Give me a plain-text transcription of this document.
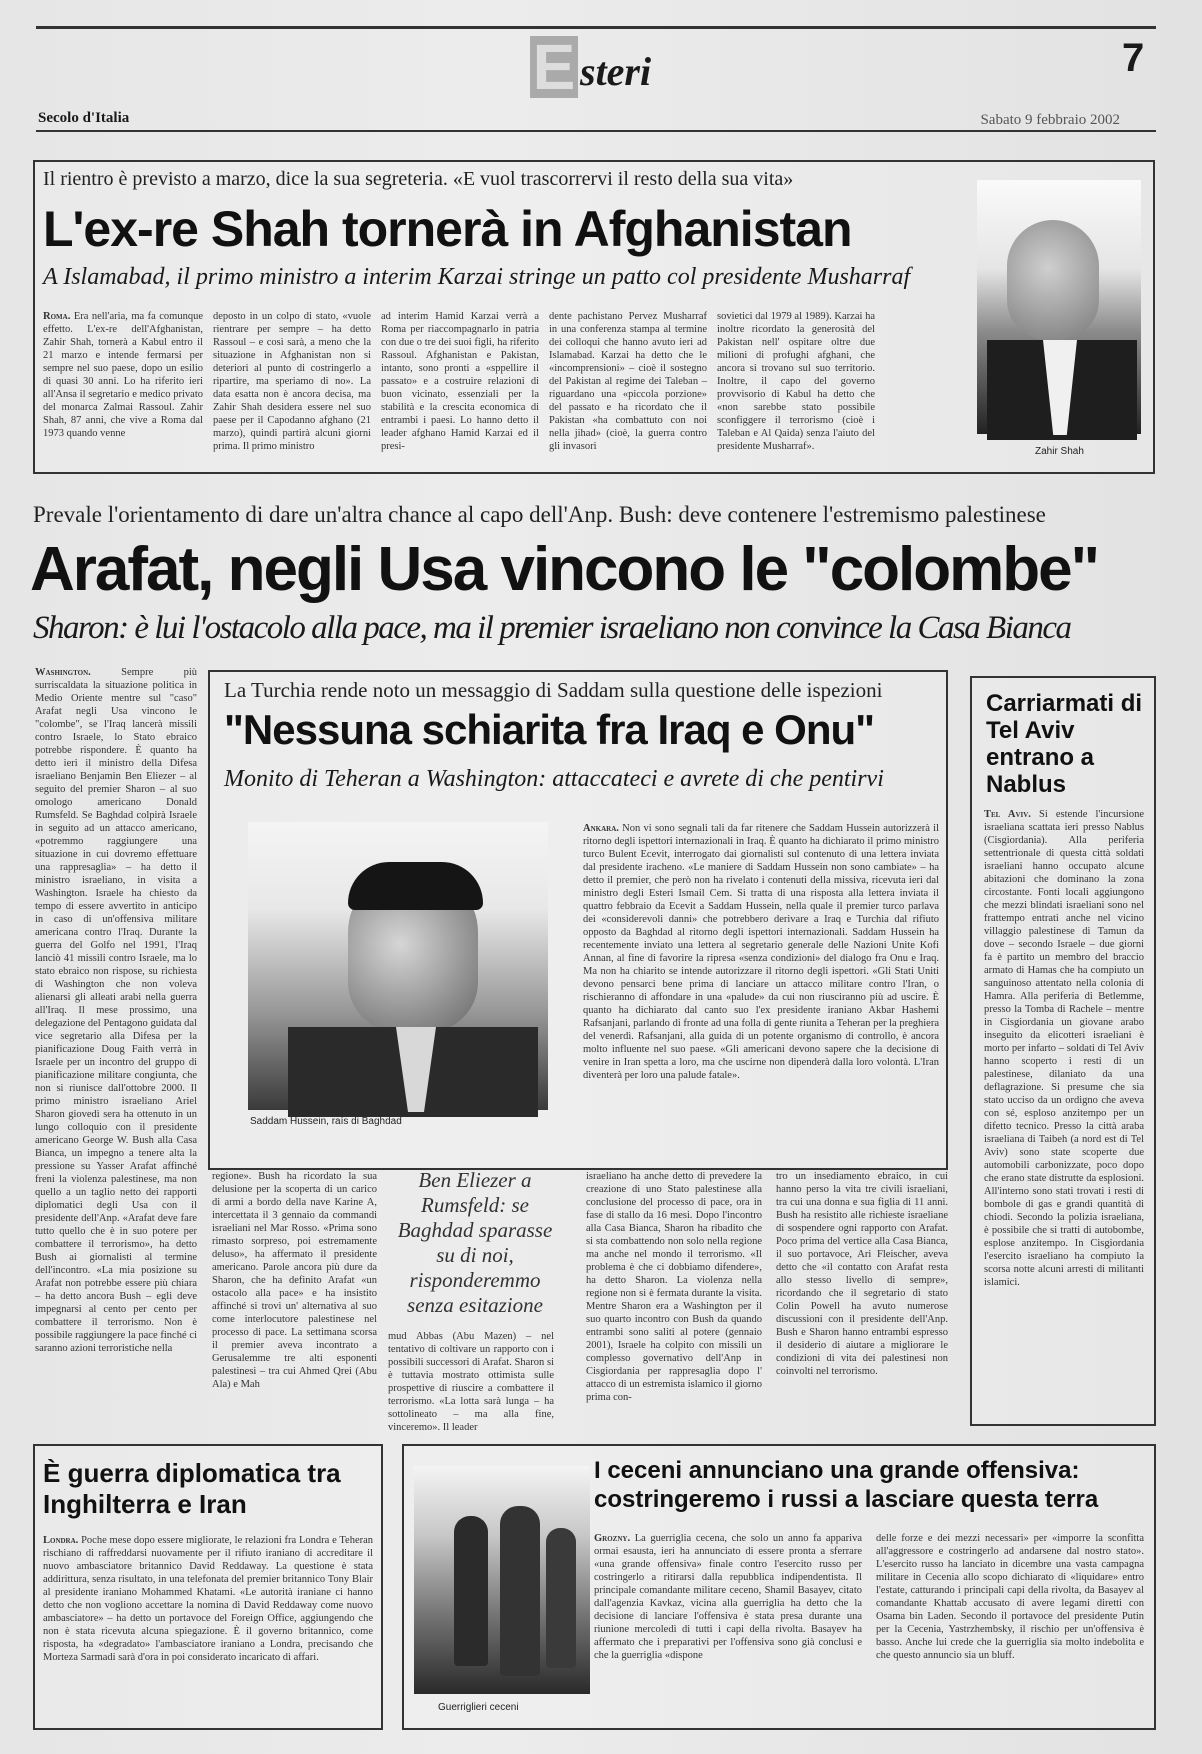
E steri	7
Secolo d'Italia	Sabato 9 febbraio 2002
Il rientro è previsto a marzo, dice la sua segreteria. «E vuol trascorrervi il resto della sua vita»
L'ex-re Shah tornerà in Afghanistan
A Islamabad, il primo ministro a interim Karzai stringe un patto col presidente Musharraf
Roma. Era nell'aria, ma fa comunque effetto. L'ex-re dell'Afghanistan, Zahir Shah, tornerà a Kabul entro il 21 marzo e intende fermarsi per sempre nel suo paese, dopo un esilio di quasi 30 anni. Lo ha riferito ieri all'Ansa il segretario e medico privato del monarca Zalmai Rassoul. Zahir Shah, 87 anni, che vive a Roma dal 1973 quando venne
deposto in un colpo di stato, «vuole rientrare per sempre – ha detto Rassoul – e così sarà, a meno che la situazione in Afghanistan non si deteriori al punto di costringerlo a ripartire, ma speriamo di no». La data esatta non è ancora decisa, ma Zahir Shah desidera essere nel suo paese per il Capodanno afghano (21 marzo), quindi partirà alcuni giorni prima. Il primo ministro
ad interim Hamid Karzai verrà a Roma per riaccompagnarlo in patria con due o tre dei suoi figli, ha riferito Rassoul. Afghanistan e Pakistan, intanto, sono pronti a «sppellire il passato» e a costruire relazioni di buon vicinato, essenziali per la stabilità e la crescita economica di entrambi i paesi. Lo hanno detto il leader afghano Hamid Karzai ed il presi-
dente pachistano Pervez Musharraf in una conferenza stampa al termine dei colloqui che hanno avuto ieri ad Islamabad. Karzai ha detto che le «incomprensioni» – cioè il sostegno del Pakistan al regime dei Taleban – riguardano una «piccola porzione» del passato e ha ricordato che il Pakistan «ha combattuto con noi nella jihad» (cioè, la guerra contro gli invasori
sovietici dal 1979 al 1989). Karzai ha inoltre ricordato la generosità del Pakistan nell' ospitare oltre due milioni di profughi afghani, che ancora si trovano sul suo territorio. Inoltre, il capo del governo provvisorio di Kabul ha detto che «non sarebbe stato possibile sconfiggere il terrorismo (cioè i Taleban e Al Qaida) senza l'aiuto del presidente Musharraf».	Zahir Shah
Prevale l'orientamento di dare un'altra chance al capo dell'Anp. Bush: deve contenere l'estremismo palestinese
Arafat, negli Usa vincono le "colombe"
Sharon: è lui l'ostacolo alla pace, ma il premier israeliano non convince la Casa Bianca
Washington.	Sempre più surriscaldata la situazione politica in Medio Oriente mentre sul "caso" Arafat negli Usa vincono le "colombe", se l'Iraq lancerà missili contro Israele, lo Stato ebraico potrebbe rispondere. È quanto ha detto ieri il ministro della Difesa israeliano Benjamin Ben Eliezer – al seguito del premier Sharon – al suo omologo americano Donald Rumsfeld. Se Baghdad colpirà Israele in seguito ad un attacco americano, «potremmo raggiungere una situazione in cui dovremo effettuare una rappresaglia» – ha detto il ministro israeliano, in visita a Washington. Israele ha chiesto da tempo di essere avvertito in anticipo in caso di un'offensiva militare americana contro l'Iraq. Durante la guerra del Golfo nel 1991, l'Iraq lanciò 41 missili contro Israele, ma lo stato ebraico non rispose, su richiesta di Washington che non voleva alienarsi gli alleati arabi nella guerra all'Iraq. Il mese prossimo, una delegazione del Pentagono guidata dal vice segretario alla Difesa per la pianificazione Doug Faith verrà in Israele per un incontro del gruppo di pianificazione militare congiunta, che non si riunisce dall'ottobre 2000. Il primo ministro israeliano Ariel Sharon giovedì sera ha ottenuto in un lungo colloquio con il presidente americano George W. Bush alla Casa Bianca, un impegno a tenere alta la pressione su Yasser Arafat affinché freni la violenza palestinese, ma non quello a un taglio netto dei rapporti diplomatici degli Usa con il presidente dell'Anp. «Arafat deve fare tutto quello che è in suo potere per combattere il terrorismo», ha detto Bush ai giornalisti al termine dell'incontro. «La mia posizione su Arafat non potrebbe essere più chiara – ha detto ancora Bush – egli deve impegnarsi al cento per cento per combattere il terrorismo. Non è possibile raggiungere la pace finché ci saranno azioni terroristiche nella
La Turchia rende noto un messaggio di Saddam sulla questione delle ispezioni
"Nessuna schiarita fra Iraq e Onu"
Monito di Teheran a Washington: attaccateci e avrete di che pentirvi
Saddam Hussein, raìs di Baghdad
Ankara. Non vi sono segnali tali da far ritenere che Saddam Hussein autorizzerà il ritorno degli ispettori internazionali in Iraq. È quanto ha dichiarato il primo ministro turco Bulent Ecevit, interrogato dai giornalisti sul contenuto di una lettera inviata dal presidente iracheno. «Le maniere di Saddam Hussein non sono cambiate» – ha detto il premier, che però non ha rivelato i contenuti della missiva, ricevuta ieri dal ministro degli Esteri Ismail Cem. Si tratta di una risposta alla lettera inviata il quattro febbraio da Ecevit a Saddam Hussein, nella quale il premier turco parlava dei «considerevoli danni» che potrebbero derivare a Iraq e Turchia dal rifiuto opposto da Baghdad al ritorno degli ispettori internazionali. Saddam Hussein ha recentemente inviato una lettera al segretario generale delle Nazioni Unite Kofi Annan, al fine di favorire la ripresa «senza condizioni» del dialogo fra Onu e Iraq. Ma non ha chiarito se intende autorizzare il ritorno degli ispettori. «Gli Stati Uniti devono pensarci bene prima di lanciare un attacco militare contro l'Iran, o rischieranno di affondare in una «palude» da cui non riusciranno più ad uscire. È quanto ha dichiarato dal canto suo l'ex presidente iraniano Akbar Hashemi Rafsanjani, parlando di fronte ad una folla di gente riunita a Teheran per la preghiera del venerdì. Rafsanjani, alla guida di un potente organismo di controllo, è ancora molto influente nel suo paese. «Gli americani devono sapere che la decisione di venire in Iran spetta a loro, ma che uscirne non dipenderà dalla loro volontà. L'Iran diventerà per loro una palude fatale».
regione». Bush ha ricordato la sua delusione per la scoperta di un carico di armi a bordo della nave Karine A, intercettata il 3 gennaio da commandi israeliani nel Mar Rosso. «Prima sono rimasto sorpreso, poi estremamente deluso», ha affermato il presidente americano. Parole ancora più dure da Sharon, che ha definito Arafat «un ostacolo alla pace» e ha insistito affinché si trovi un' alternativa al suo come interlocutore palestinese nel processo di pace. La settimana scorsa il premier aveva incontrato a Gerusalemme tre alti esponenti palestinesi – tra cui Ahmed Qrei (Abu Ala) e Mah
Ben Eliezer a Rumsfeld: se Baghdad sparasse su di noi, risponderemmo senza esitazione
mud Abbas (Abu Mazen) – nel tentativo di coltivare un rapporto con i possibili successori di Arafat. Sharon si è tuttavia mostrato ottimista sulle prospettive di riuscire a combattere il terrorismo. «La lotta sarà lunga – ha sottolineato – ma alla fine, vinceremo». Il leader
israeliano ha anche detto di prevedere la creazione di uno Stato palestinese alla conclusione del processo di pace, ora in fase di stallo da 16 mesi. Dopo l'incontro alla Casa Bianca, Sharon ha ribadito che si sta combattendo non solo nella regione ma anche nel mondo il terrorismo. «Il problema è che ci dobbiamo difendere», ha detto Sharon. La violenza nella regione non si è fermata durante la visita. Mentre Sharon era a Washington per il suo quarto incontro con Bush da quando entrambi sono saliti al potere (gennaio 2001), Israele ha colpito con missili un complesso governativo dell'Anp in Cisgiordania per rappresaglia dopo l' attacco di un estremista islamico il giorno prima con-
tro un insediamento ebraico, in cui hanno perso la vita tre civili israeliani, tra cui una donna e sua figlia di 11 anni. Bush ha resistito alle richieste israeliane di sospendere ogni rapporto con Arafat. Poco prima del vertice alla Casa Bianca, il suo portavoce, Ari Fleischer, aveva detto che «il contatto con Arafat resta allo stesso livello di sempre», ricordando che il segretario di stato Colin Powell ha avuto numerose discussioni con il presidente dell'Anp. Bush e Sharon hanno entrambi espresso il desiderio di aiutare a migliorare le condizioni di vita dei palestinesi non coinvolti nel terrorismo.
Carriarmati di Tel Aviv entrano a Nablus
Tel Aviv. Si estende l'incursione israeliana scattata ieri presso Nablus (Cisgiordania). Alla periferia settentrionale di questa città soldati israeliani hanno occupato alcune abitazioni che dominano la zona circostante. Fonti locali aggiungono che mezzi blindati israeliani sono nel frattempo entrati anche nel vicino villaggio palestinese di Tamun da dove – secondo Israele – due giorni fa è partito un membro del braccio armato di Hamas che ha compiuto un sanguinoso attentato nella colonia di Hamra. Alla periferia di Betlemme, presso la Tomba di Rachele – mentre in Cisgiordania un giovane arabo inseguito da elicotteri israeliani è morto per infarto – soldati di Tel Aviv hanno scoperto i resti di un palestinese, dilaniato da una deflagrazione. Si presume che sia stato ucciso da un ordigno che aveva con sé, esploso anzitempo per un difetto tecnico. Presso la città araba israeliana di Taibeh (a nord est di Tel Aviv) sono state scoperte due automobili carbonizzate, poco dopo che erano state distrutte da esplosioni. All'interno sono stati trovati i resti di bombole di gas e grandi quantità di chiodi. Secondo la polizia israeliana, è possibile che si tratti di autobombe, esplose anzitempo. In Cisgiordania l'esercito israeliano ha compiuto la scorsa notte alcuni arresti di militanti islamici.
È guerra diplomatica tra Inghilterra e Iran
Londra. Poche mese dopo essere migliorate, le relazioni fra Londra e Teheran rischiano di raffreddarsi nuovamente per il rifiuto iraniano di accreditare il nuovo ambasciatore britannico David Reddaway. La questione è stata addirittura, senza risultato, in una telefonata del premier britannico Tony Blair al presidente iraniano Mohammed Khatami. «Le autorità iraniane ci hanno detto che non vogliono accettare la nomina di David Reddaway come nuovo ambasciatore» – ha detto un portavoce del Foreign Office, aggiungendo che non è stata ricevuta alcuna spiegazione. È il governo britannico, come risposta, ha «degradato» l'ambasciatore iraniano a Londra, precisando che Morteza Sarmadi sarà d'ora in poi considerato incaricato di affari.
Guerriglieri ceceni
I ceceni annunciano una grande offensiva: costringeremo i russi a lasciare questa terra
Grozny. La guerriglia cecena, che solo un anno fa appariva ormai esausta, ieri ha annunciato di essere pronta a sferrare «una grande offensiva» finale contro l'esercito russo per costringerlo a ritirarsi dalla repubblica indipendentista. Il principale comandante militare ceceno, Shamil Basayev, citato dall'agenzia Kavkaz, vicina alla guerriglia ha detto che la decisione di lanciare l'offensiva è stata presa durante una riunione mercoledì di tutti i capi della rivolta. Basayev ha affermato che i preparativi per l'offensiva sono già conclusi e che la guerriglia «dispone
delle forze e dei mezzi necessari» per «imporre la sconfitta all'aggressore e costringerlo ad andarsene dal nostro stato». L'esercito russo ha lanciato in dicembre una vasta campagna militare in Cecenia allo scopo dichiarato di «liquidare» entro l'estate, catturando i principali capi della rivolta, da Basayev al comandante Khattab accusato di avere legami diretti con Osama bin Laden. Secondo il portavoce del presidente Putin per la Cecenia, Yastrzhembsky, il rischio per un'offensiva è basso. Anche lui crede che la guerriglia sia molto indebolita e che questo annuncio sia un bluff.
